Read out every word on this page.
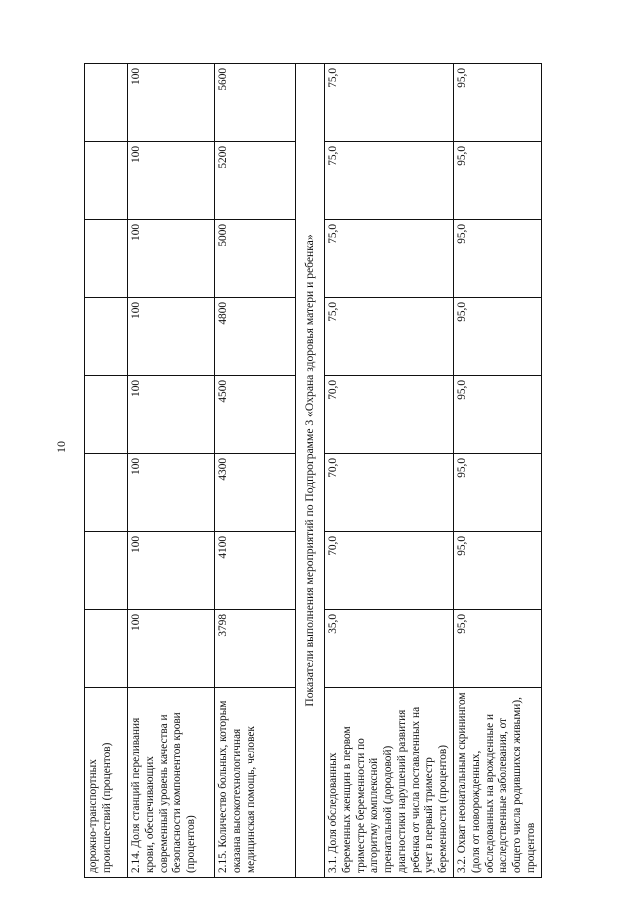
10
дорожно-транспортных происшествий (процентов)								
2.14. Доля станций переливания крови, обеспечивающих современный уровень качества и безопасности компонентов крови (процентов)	100	100	100	100	100	100	100	100
2.15. Количество больных, которым оказана высокотехнологичная медицинская помощь, человек	3798	4100	4300	4500	4800	5000	5200	5600
Показатели выполнения мероприятий по Подпрограмме 3 «Охрана здоровья матери и ребенка»								
3.1. Доля обследованных беременных женщин в первом триместре беременности по алгоритму комплексной пренатальной (дородовой) диагностики нарушений развития ребенка от числа поставленных на учет в первый триместр беременности (процентов)	35,0	70,0	70,0	70,0	75,0	75,0	75,0	75,0
3.2. Охват неонатальным скринингом (доля от новорожденных, обследованных на врожденные и наследственные заболевания, от общего числа родившихся живыми), процентов	95,0	95,0	95,0	95,0	95,0	95,0	95,0	95,0
